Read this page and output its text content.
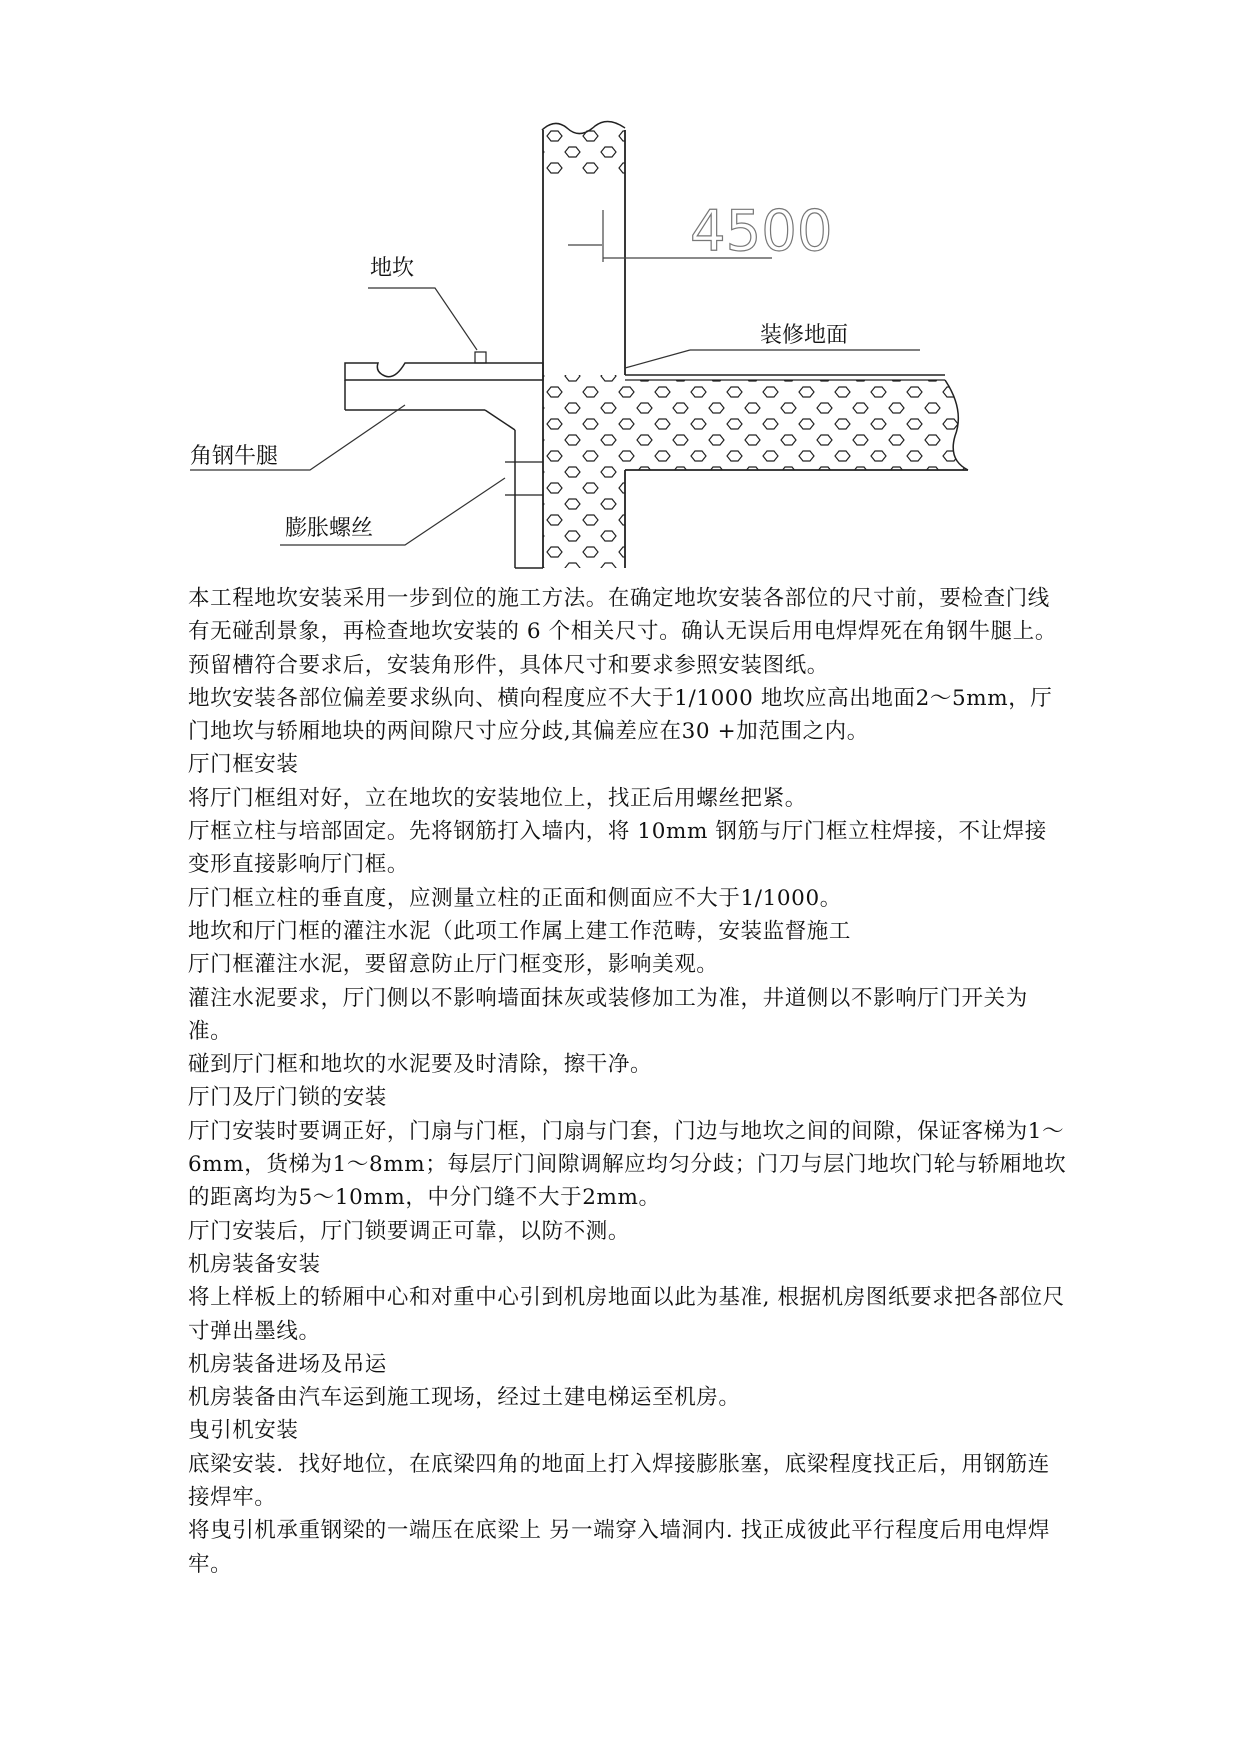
4500
地坎
装修地面
角钢牛腿
膨胀螺丝

本工程地坎安装采用一步到位的施工方法。在确定地坎安装各部位的尺寸前，要检查门线有无碰刮景象，再检查地坎安装的 6 个相关尺寸。确认无误后用电焊焊死在角钢牛腿上。

预留槽符合要求后，安装角形件，具体尺寸和要求参照安装图纸。

地坎安装各部位偏差要求纵向、横向程度应不大于1/1000 地坎应高出地面2～5mm，厅门地坎与轿厢地块的两间隙尺寸应分歧,其偏差应在30 +加范围之内。

厅门框安装

将厅门框组对好，立在地坎的安装地位上，找正后用螺丝把紧。

厅框立柱与培部固定。先将钢筋打入墙内，将 10mm 钢筋与厅门框立柱焊接，不让焊接变形直接影响厅门框。

厅门框立柱的垂直度，应测量立柱的正面和侧面应不大于1/1000。

地坎和厅门框的灌注水泥（此项工作属上建工作范畴，安装监督施工

厅门框灌注水泥，要留意防止厅门框变形，影响美观。

灌注水泥要求，厅门侧以不影响墙面抹灰或装修加工为准，井道侧以不影响厅门开关为准。

碰到厅门框和地坎的水泥要及时清除，擦干净。

厅门及厅门锁的安装

厅门安装时要调正好，门扇与门框，门扇与门套，门边与地坎之间的间隙，保证客梯为1～6mm，货梯为1～8mm；每层厅门间隙调解应均匀分歧；门刀与层门地坎门轮与轿厢地坎的距离均为5～10mm，中分门缝不大于2mm。

厅门安装后，厅门锁要调正可靠，以防不测。

机房装备安装

将上样板上的轿厢中心和对重中心引到机房地面以此为基准, 根据机房图纸要求把各部位尺寸弹出墨线。

机房装备进场及吊运

机房装备由汽车运到施工现场，经过土建电梯运至机房。

曳引机安装

底梁安装．找好地位，在底梁四角的地面上打入焊接膨胀塞，底梁程度找正后，用钢筋连接焊牢。

将曳引机承重钢梁的一端压在底梁上 另一端穿入墙洞内. 找正成彼此平行程度后用电焊焊牢。
